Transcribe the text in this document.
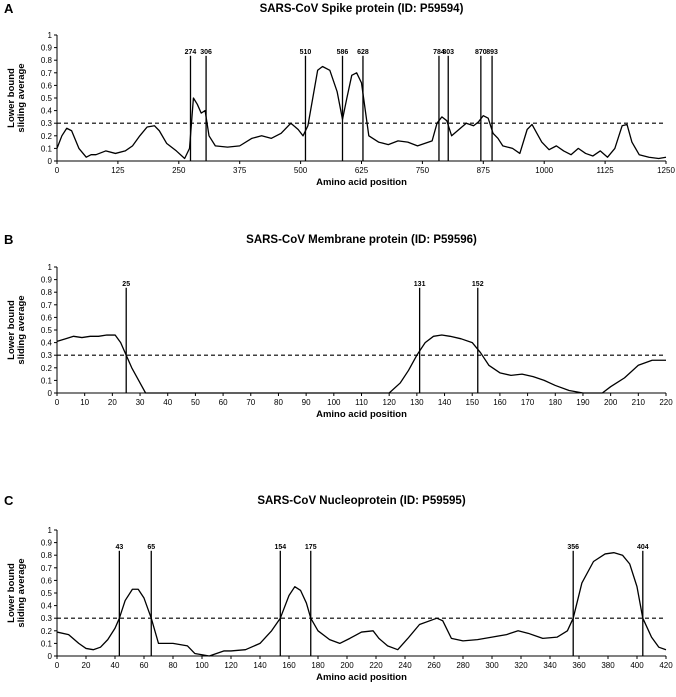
A	SARS-CoV Spike protein (ID: P59594)
0
0.1
0.2
0.3
0.4
0.5
0.6
0.7
0.8
0.9
1
0	125	250	375	500	625	750	875	1000	1125	1250
Amino acid position
Lower boundsliding average
274 306	510	586 628	784
803	870 893
B	SARS-CoV Membrane protein (ID: P59596)
0
0.1
0.2
0.3
0.4
0.5
0.6
0.7
0.8
0.9
1
0	10 20 30 40 50 60 70 80 90 100 110 120 130 140 150 160 170 180 190 200 210 220
Amino acid position
Lower boundsliding average
25	131	152
C	SARS-CoV Nucleoprotein (ID: P59595)
0
0.1
0.2
0.3
0.4
0.5
0.6
0.7
0.8
0.9
1
0	20	40	60	80 100 120 140 160 180 200 220 240 260 280 300 320 340 360 380 400 420
Amino acid position
Lower boundsliding average
43	65	154	175	356	404
